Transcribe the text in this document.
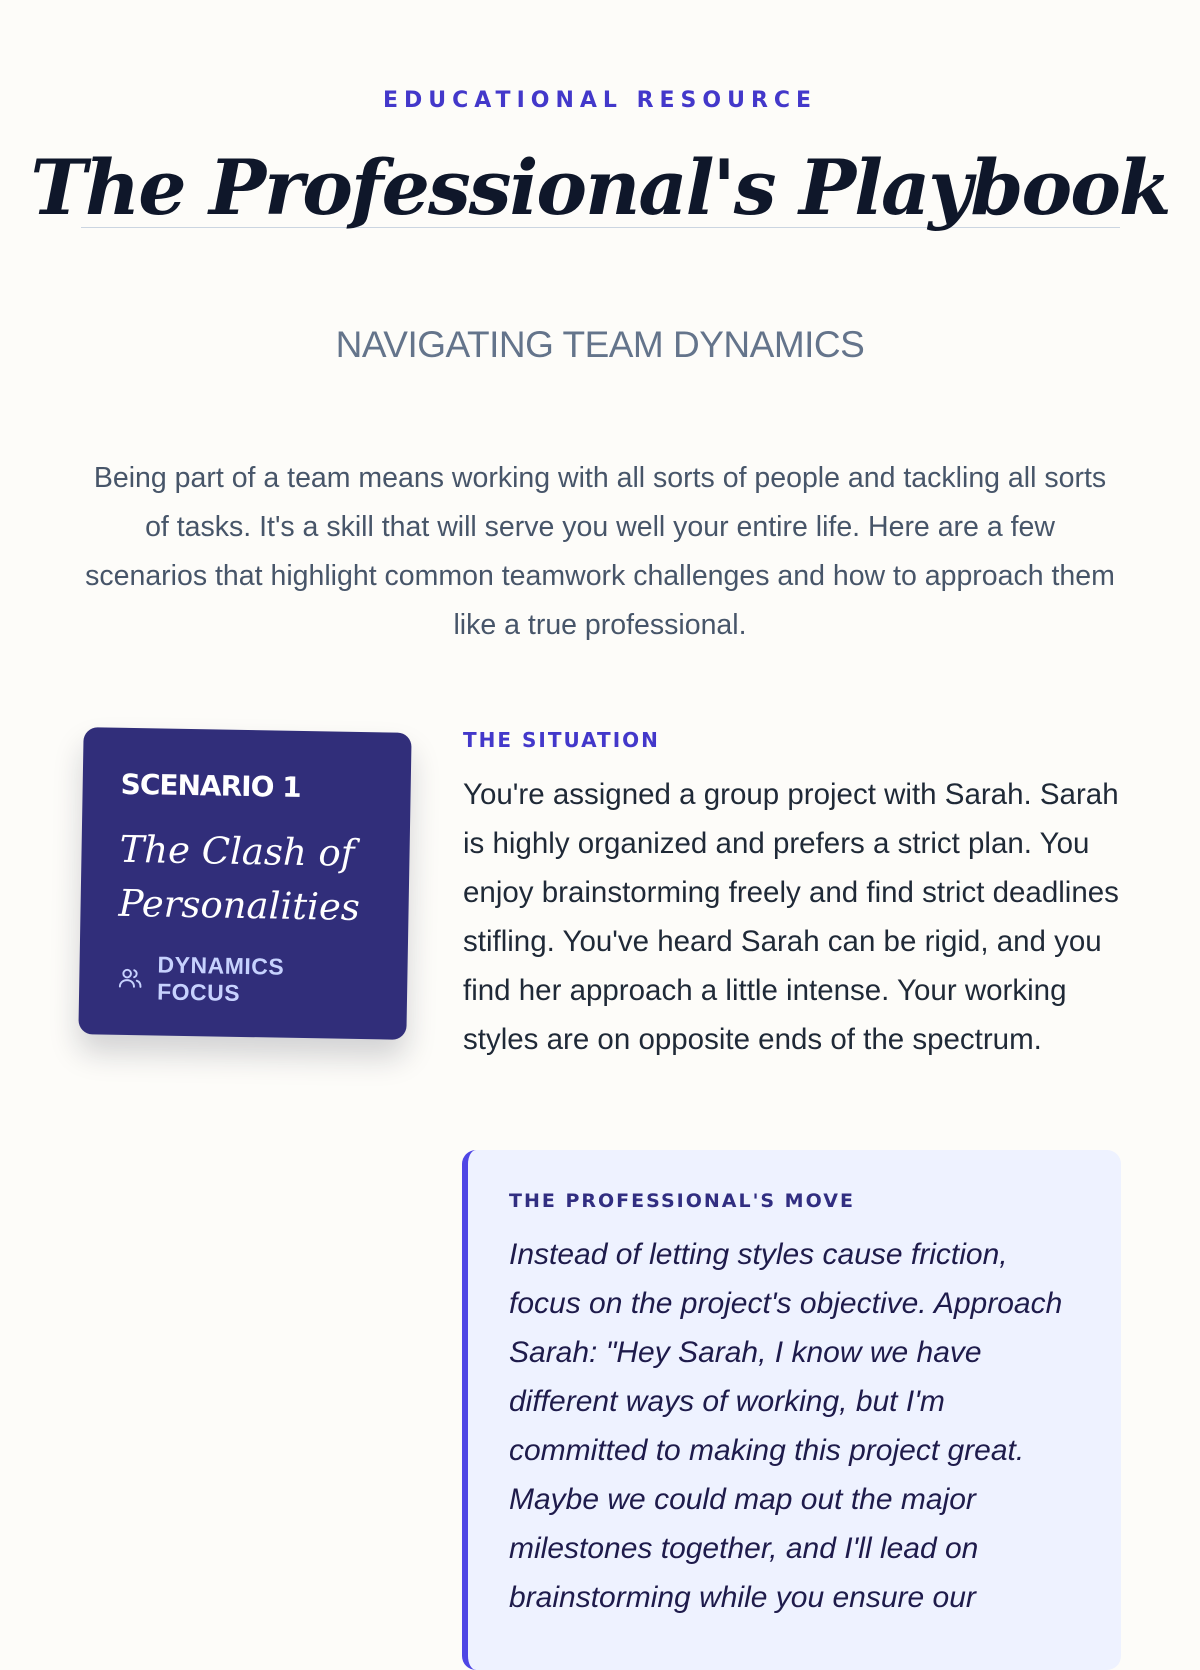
EDUCATIONAL RESOURCE
The Professional's Playbook
NAVIGATING TEAM DYNAMICS

Being part of a team means working with all sorts of people and tackling all sorts of tasks. It's a skill that will serve you well your entire life. Here are a few scenarios that highlight common teamwork challenges and how to approach them like a true professional.

SCENARIO 1
The Clash of Personalities
DYNAMICS FOCUS
THE SITUATION

You're assigned a group project with Sarah. Sarah is highly organized and prefers a strict plan. You enjoy brainstorming freely and find strict deadlines stifling. You've heard Sarah can be rigid, and you find her approach a little intense. Your working styles are on opposite ends of the spectrum.

THE PROFESSIONAL'S MOVE

Instead of letting styles cause friction, focus on the project's objective. Approach Sarah: "Hey Sarah, I know we have different ways of working, but I'm committed to making this project great. Maybe we could map out the major milestones together, and I'll lead on brainstorming while you ensure our
